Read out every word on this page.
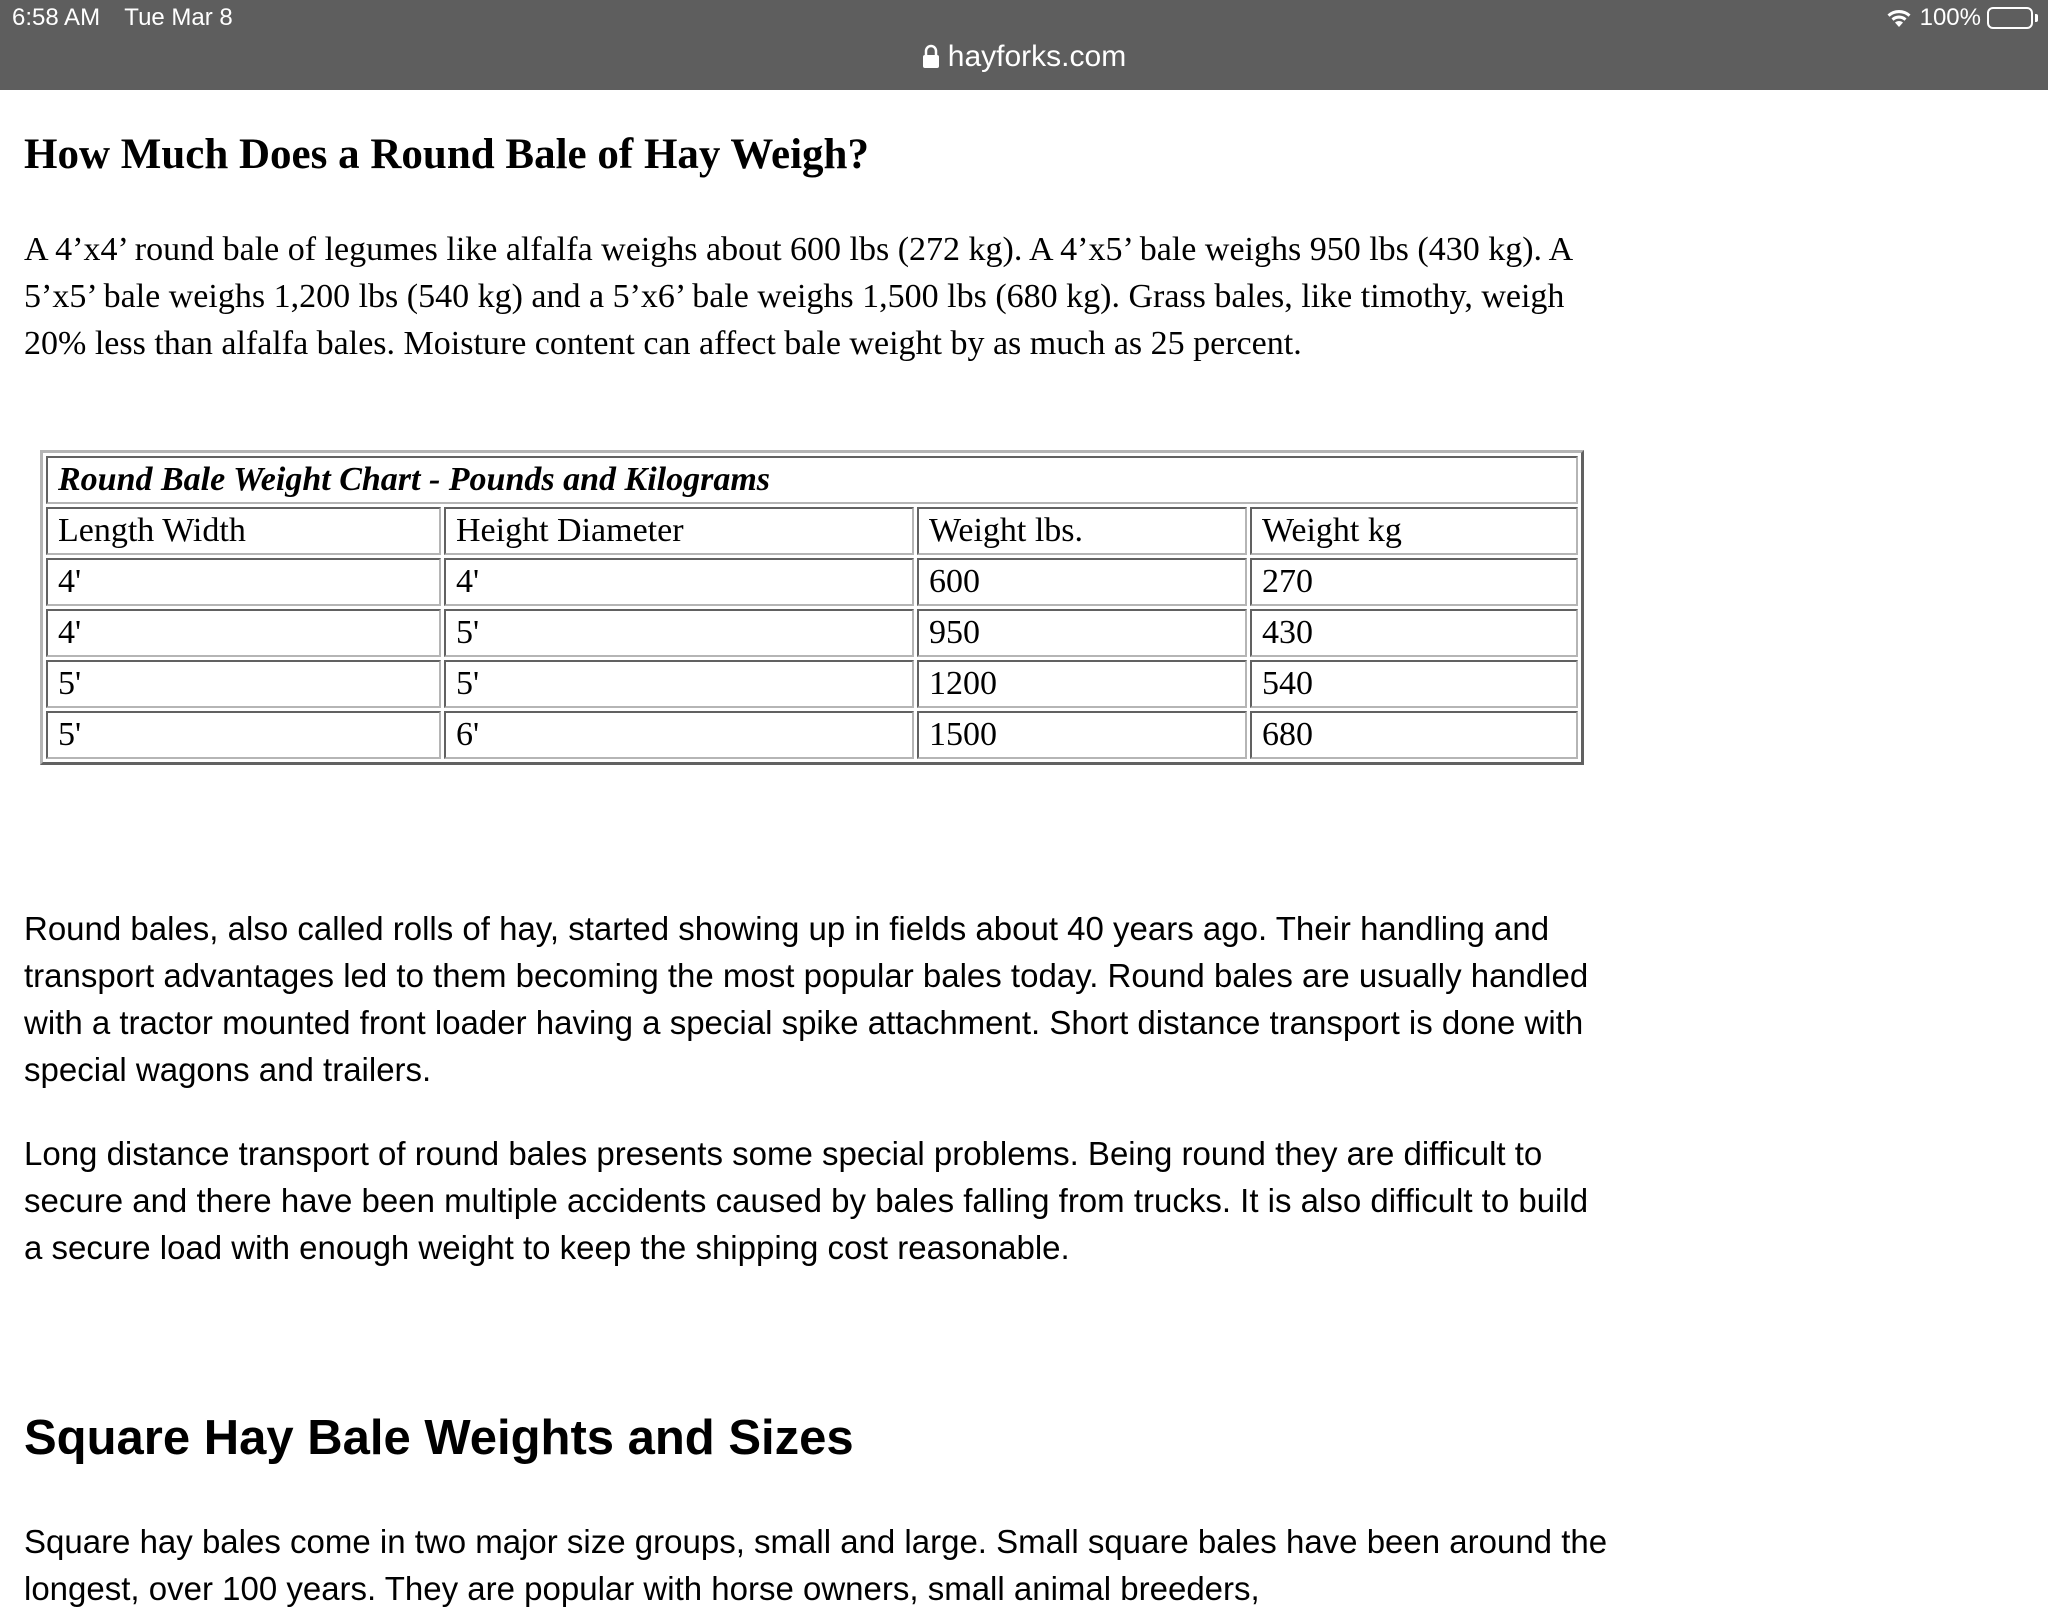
6:58 AM Tue Mar 8	100%
hayforks.com
How Much Does a Round Bale of Hay Weigh?

A 4’x4’ round bale of legumes like alfalfa weighs about 600 lbs (272 kg). A 4’x5’ bale weighs 950 lbs (430 kg). A 5’x5’ bale weighs 1,200 lbs (540 kg) and a 5’x6’ bale weighs 1,500 lbs (680 kg). Grass bales, like timothy, weigh 20% less than alfalfa bales. Moisture content can affect bale weight by as much as 25 percent.

Round Bale Weight Chart - Pounds and Kilograms			
Length Width	Height Diameter	Weight lbs.	Weight kg
4'	4'	600	270
4'	5'	950	430
5'	5'	1200	540
5'	6'	1500	680

Round bales, also called rolls of hay, started showing up in fields about 40 years ago. Their handling and transport advantages led to them becoming the most popular bales today. Round bales are usually handled with a tractor mounted front loader having a special spike attachment. Short distance transport is done with special wagons and trailers.

Long distance transport of round bales presents some special problems. Being round they are difficult to secure and there have been multiple accidents caused by bales falling from trucks. It is also difficult to build a secure load with enough weight to keep the shipping cost reasonable.

Square Hay Bale Weights and Sizes

Square hay bales come in two major size groups, small and large. Small square bales have been around the longest, over 100 years. They are popular with horse owners, small animal breeders,
